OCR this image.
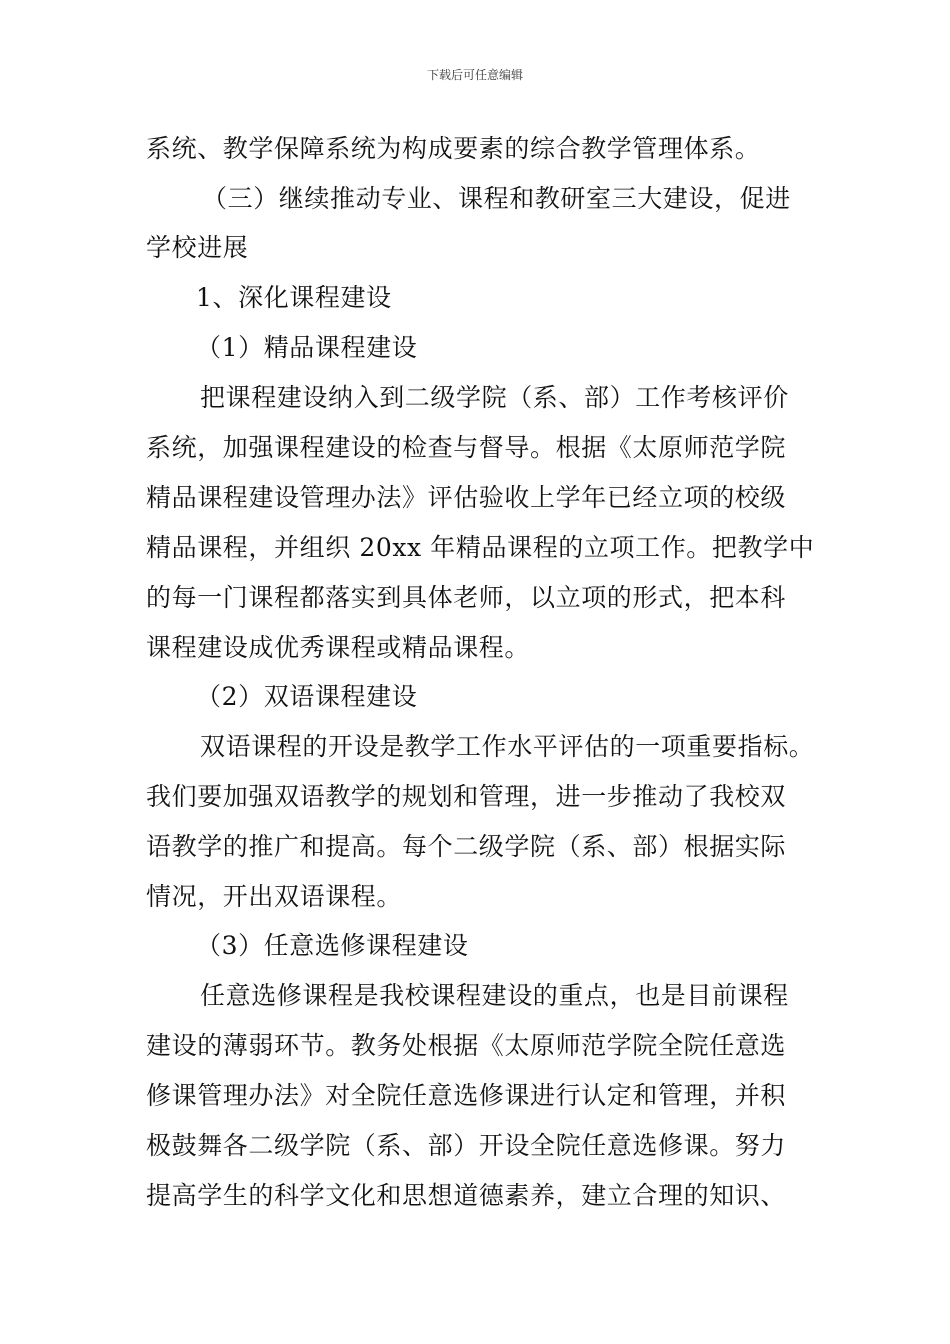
下载后可任意编辑
系统、教学保障系统为构成要素的综合教学管理体系。
（三）继续推动专业、课程和教研室三大建设，促进
学校进展
1、深化课程建设
（1）精品课程建设
把课程建设纳入到二级学院（系、部）工作考核评价
系统，加强课程建设的检查与督导。根据《太原师范学院
精品课程建设管理办法》评估验收上学年已经立项的校级
精品课程，并组织 20xx 年精品课程的立项工作。把教学中
的每一门课程都落实到具体老师，以立项的形式，把本科
课程建设成优秀课程或精品课程。
（2）双语课程建设
双语课程的开设是教学工作水平评估的一项重要指标。
我们要加强双语教学的规划和管理，进一步推动了我校双
语教学的推广和提高。每个二级学院（系、部）根据实际
情况，开出双语课程。
（3）任意选修课程建设
任意选修课程是我校课程建设的重点，也是目前课程
建设的薄弱环节。教务处根据《太原师范学院全院任意选
修课管理办法》对全院任意选修课进行认定和管理，并积
极鼓舞各二级学院（系、部）开设全院任意选修课。努力
提高学生的科学文化和思想道德素养，建立合理的知识、
